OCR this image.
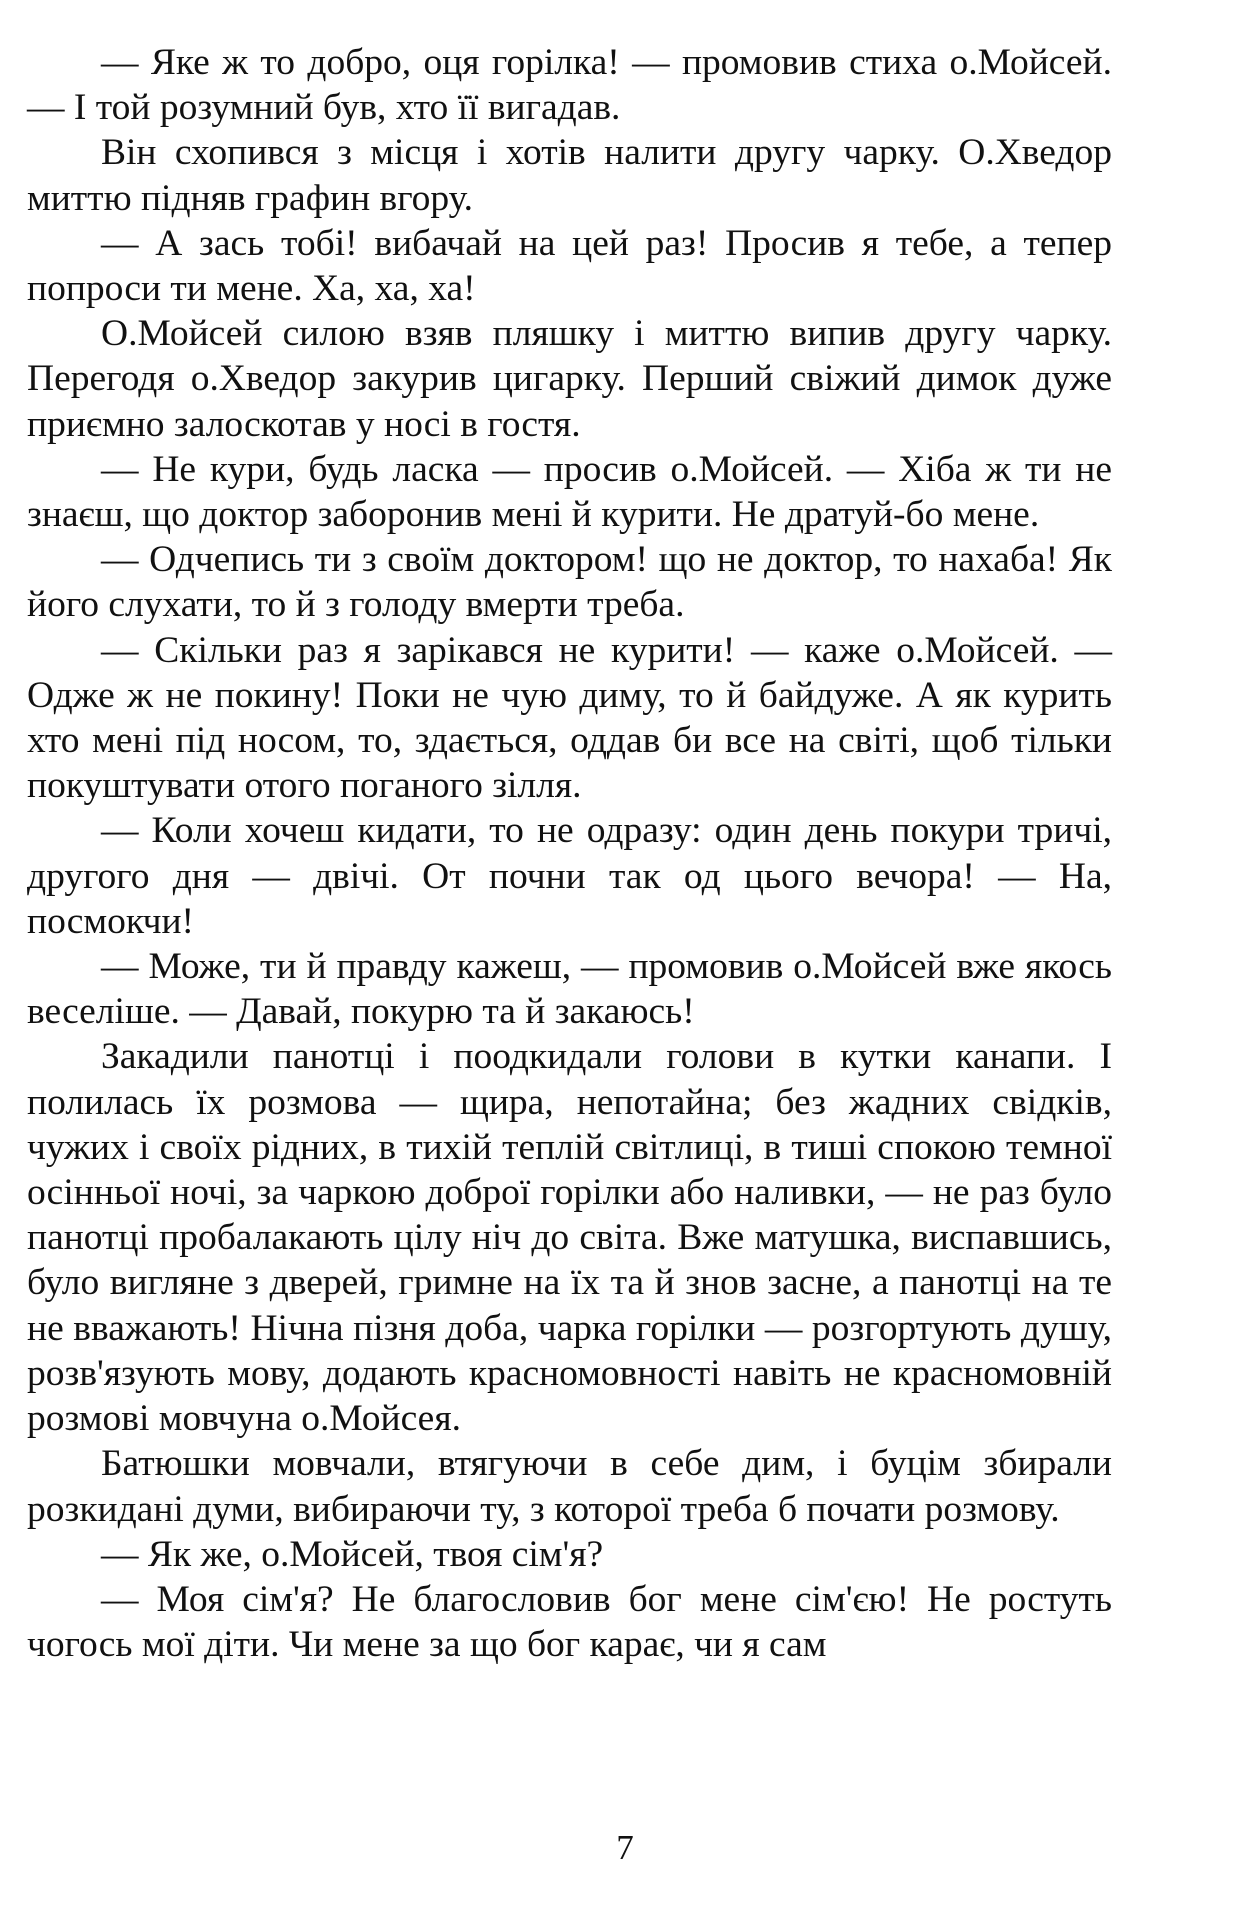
— Яке ж то добро, оця горілка! — промовив стиха о.Мойсей. — І той розумний був, хто її вигадав.

Він схопився з місця і хотів налити другу чарку. О.Хведор миттю підняв графин вгору.

— А зась тобі! вибачай на цей раз! Просив я тебе, а тепер попроси ти мене. Ха, ха, ха!

О.Мойсей силою взяв пляшку і миттю випив другу чарку. Перегодя о.Хведор закурив цигарку. Перший свіжий димок дуже приємно залоскотав у носі в гостя.

— Не кури, будь ласка — просив о.Мойсей. — Хіба ж ти не знаєш, що доктор заборонив мені й курити. Не дратуй-бо мене.

— Одчепись ти з своїм доктором! що не доктор, то нахаба! Як його слухати, то й з голоду вмерти треба.

— Скільки раз я зарікався не курити! — каже о.Мойсей. — Одже ж не покину! Поки не чую диму, то й байдуже. А як курить хто мені під носом, то, здається, оддав би все на світі, щоб тільки покуштувати отого поганого зілля.

— Коли хочеш кидати, то не одразу: один день покури тричі, другого дня — двічі. От почни так од цього вечора! — На, посмокчи!

— Може, ти й правду кажеш, — промовив о.Мойсей вже якось веселіше. — Давай, покурю та й закаюсь!

Закадили панотці і поодкидали голови в кутки канапи. І полилась їх розмова — щира, непотайна; без жадних свідків, чужих і своїх рідних, в тихій теплій світлиці, в тиші спокою темної осінньої ночі, за чаркою доброї горілки або наливки, — не раз було панотці пробалакають цілу ніч до світа. Вже матушка, виспавшись, було вигляне з дверей, гримне на їх та й знов засне, а панотці на те не вважають! Нічна пізня доба, чарка горілки — розгортують душу, розв'язують мову, додають красномовності навіть не красномовній розмові мовчуна о.Мойсея.

Батюшки мовчали, втягуючи в себе дим, і буцім збирали розкидані думи, вибираючи ту, з которої треба б почати розмову.

— Як же, о.Мойсей, твоя сім'я?

— Моя сім'я? Не благословив бог мене сім'єю! Не ростуть чогось мої діти. Чи мене за що бог карає, чи я сам

7
